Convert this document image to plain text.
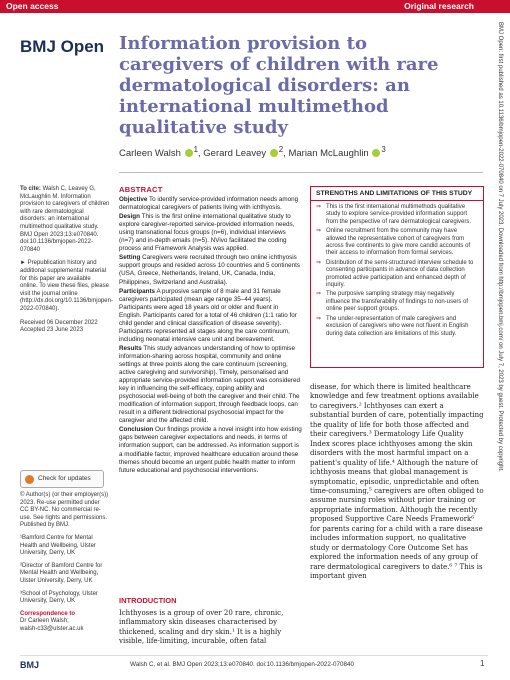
Open access	Original research
BMJ Open Information provision to caregivers of children with rare dermatological disorders: an international multimethod qualitative study
Carleen Walsh $^1$, Gerard Leavey $^2$, Marian McLaughlin $^3$

To cite: Walsh C, Leavey G, McLaughlin M. Information provision to caregivers of children with rare dermatological disorders: an international multimethod qualitative study. BMJ Open 2023;13:e070840. doi:10.1136/bmjopen-2022-070840

► Prepublication history and additional supplemental material for this paper are available online. To view these files, please visit the journal online (http://dx.doi.org/10.1136/bmjopen-2022-070840).

Received 06 December 2022
Accepted 23 June 2023

Check for updates

© Author(s) (or their employer(s)) 2023. Re-use permitted under CC BY-NC. No commercial re-use. See rights and permissions. Published by BMJ.

¹Bamford Centre for Mental Health and Wellbeing, Ulster University, Derry, UK

²Director of Bamford Centre for Mental Health and Wellbeing, Ulster University, Derry, UK

³School of Psychology, Ulster University, Derry, UK

Correspondence to
Dr Carleen Walsh;
walsh-c33@ulster.ac.uk

ABSTRACT

Objective To identify service-provided information needs among dermatological caregivers of patients living with ichthyosis.

Design This is the first online international qualitative study to explore caregiver-reported service-provided information needs, using transnational focus groups (n=6), individual interviews (n=7) and in-depth emails (n=5). NVivo facilitated the coding process and Framework Analysis was applied.

Setting Caregivers were recruited through two online ichthyosis support groups and resided across 10 countries and 5 continents (USA, Greece, Netherlands, Ireland, UK, Canada, India, Philippines, Switzerland and Australia).

Participants A purposive sample of 8 male and 31 female caregivers participated (mean age range 35–44 years). Participants were aged 18 years old or older and fluent in English. Participants cared for a total of 46 children (1:1 ratio for child gender and clinical classification of disease severity). Participants represented all stages along the care continuum, including neonatal intensive care unit and bereavement.

Results This study advances understanding of how to optimise information-sharing across hospital, community and online settings at three points along the care continuum (screening, active caregiving and survivorship). Timely, personalised and appropriate service-provided information support was considered key in influencing the self-efficacy, coping ability and psychosocial well-being of both the caregiver and their child. The modification of information support, through feedback loops, can result in a different bidirectional psychosocial impact for the caregiver and the affected child.

Conclusion Our findings provide a novel insight into how existing gaps between caregiver expectations and needs, in terms of information support, can be addressed. As information support is a modifiable factor, improved healthcare education around these themes should become an urgent public health matter to inform future educational and psychosocial interventions.

INTRODUCTION

Ichthyoses is a group of over 20 rare, chronic, inflammatory skin diseases characterised by thickened, scaling and dry skin.¹ It is a highly visible, life-limiting, incurable, often fatal

STRENGTHS AND LIMITATIONS OF THIS STUDY
⇒ This is the first international multimethods qualitative study to explore service-provided information support from the perspective of rare dermatological caregivers.
⇒ Online recruitment from the community may have allowed the representative cohort of caregivers from across five continents to give more candid accounts of their access to information from formal services.
⇒ Distribution of the semi-structured interview schedule to consenting participants in advance of data collection promoted active participation and enhanced depth of inquiry.
⇒ The purposive sampling strategy may negatively influence the transferability of findings to non-users of online peer support groups.
⇒ The under-representation of male caregivers and exclusion of caregivers who were not fluent in English during data collection are limitations of this study.

disease, for which there is limited healthcare knowledge and few treatment options available to caregivers.² Ichthyoses can exert a substantial burden of care, potentially impacting the quality of life for both those affected and their caregivers.³ Dermatology Life Quality Index scores place ichthyoses among the skin disorders with the most harmful impact on a patient's quality of life.⁴ Although the nature of ichthyosis means that global management is symptomatic, episodic, unpredictable and often time-consuming,⁵ caregivers are often obliged to assume nursing roles without prior training or appropriate information. Although the recently proposed Supportive Care Needs Framework⁶ for parents caring for a child with a rare disease includes information support, no qualitative study or dermatology Core Outcome Set has explored the information needs of any group of rare dermatological caregivers to date.⁶ ⁷ This is important given

BMJ Open: first published as 10.1136/bmjopen-2022-070840 on 7 July 2023. Downloaded from http://bmjopen.bmj.com/ on July 7, 2023 by guest. Protected by copyright.
BMJ	Walsh C, et al. BMJ Open 2023;13:e070840. doi:10.1136/bmjopen-2022-070840	1
